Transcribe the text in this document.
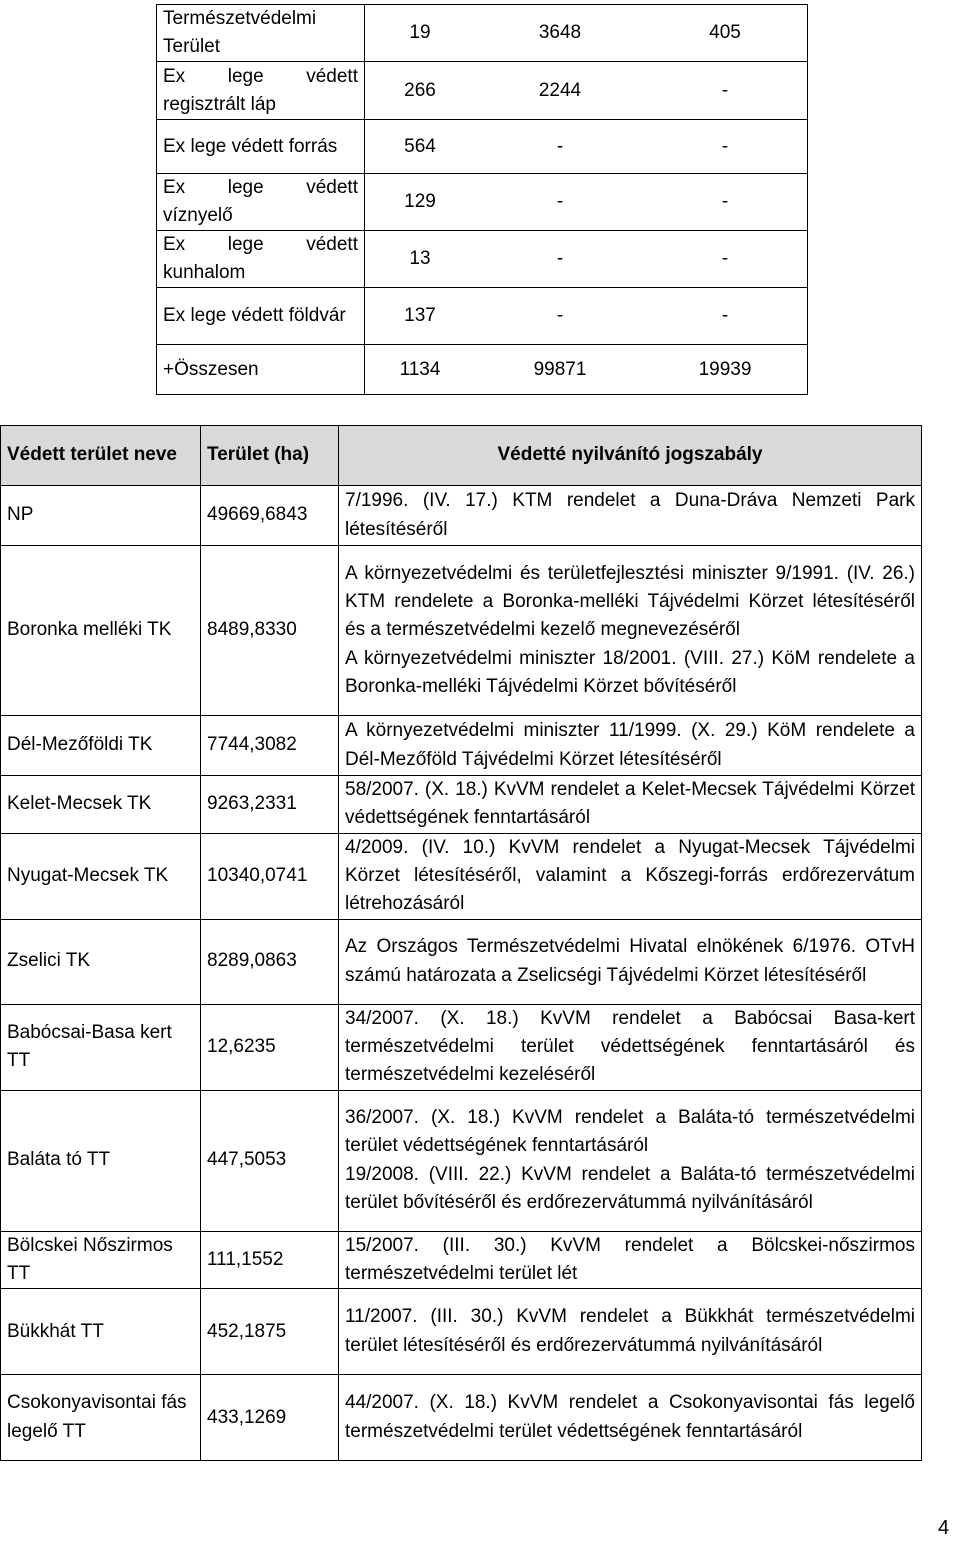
Természetvédelmi Terület	19 3648 405

Ex lege védett regisztrált láp	266 2244 -

Ex lege védett forrás	564 - -

Ex lege védett víznyelő	129 - -

Ex lege védett kunhalom	13 - -

Ex lege védett földvár	137 - -

+Összesen	1134 99871 19939
Védett terület neve	Terület (ha)	Védetté nyilvánító jogszabály
NP	49669,6843	7/1996. (IV. 17.) KTM rendelet a Duna-Dráva Nemzeti Park létesítéséről
Boronka melléki TK	8489,8330	A környezetvédelmi és területfejlesztési miniszter 9/1991. (IV. 26.) KTM rendelete a Boronka-melléki Tájvédelmi Körzet létesítéséről és a természetvédelmi kezelő megnevezéséről
A környezetvédelmi miniszter 18/2001. (VIII. 27.) KöM rendelete a Boronka-melléki Tájvédelmi Körzet bővítéséről

Dél-Mezőföldi TK	7744,3082	A környezetvédelmi miniszter 11/1999. (X. 29.) KöM rendelete a Dél-Mezőföld Tájvédelmi Körzet létesítéséről
Kelet-Mecsek TK	9263,2331	58/2007. (X. 18.) KvVM rendelet a Kelet-Mecsek Tájvédelmi Körzet védettségének fenntartásáról
Nyugat-Mecsek TK	10340,0741	4/2009. (IV. 10.) KvVM rendelet a Nyugat-Mecsek Tájvédelmi Körzet létesítéséről, valamint a Kőszegi-forrás erdőrezervátum létrehozásáról
Zselici TK	8289,0863	Az Országos Természetvédelmi Hivatal elnökének 6/1976. OTvH számú határozata a Zselicségi Tájvédelmi Körzet létesítéséről
Babócsai-Basa kert TT	12,6235	34/2007. (X. 18.) KvVM rendelet a Babócsai Basa-kert természetvédelmi terület védettségének fenntartásáról és természetvédelmi kezeléséről
Baláta tó TT	447,5053	36/2007. (X. 18.) KvVM rendelet a Baláta-tó természetvédelmi terület védettségének fenntartásáról
19/2008. (VIII. 22.) KvVM rendelet a Baláta-tó természetvédelmi terület bővítéséről és erdőrezervátummá nyilvánításáról

Bölcskei Nőszirmos TT	111,1552	15/2007. (III. 30.) KvVM rendelet a Bölcskei-nőszirmos természetvédelmi terület lét
Bükkhát TT	452,1875	11/2007. (III. 30.) KvVM rendelet a Bükkhát természetvédelmi terület létesítéséről és erdőrezervátummá nyilvánításáról
Csokonyavisontai fás legelő TT	433,1269	44/2007. (X. 18.) KvVM rendelet a Csokonyavisontai fás legelő természetvédelmi terület védettségének fenntartásáról
4
